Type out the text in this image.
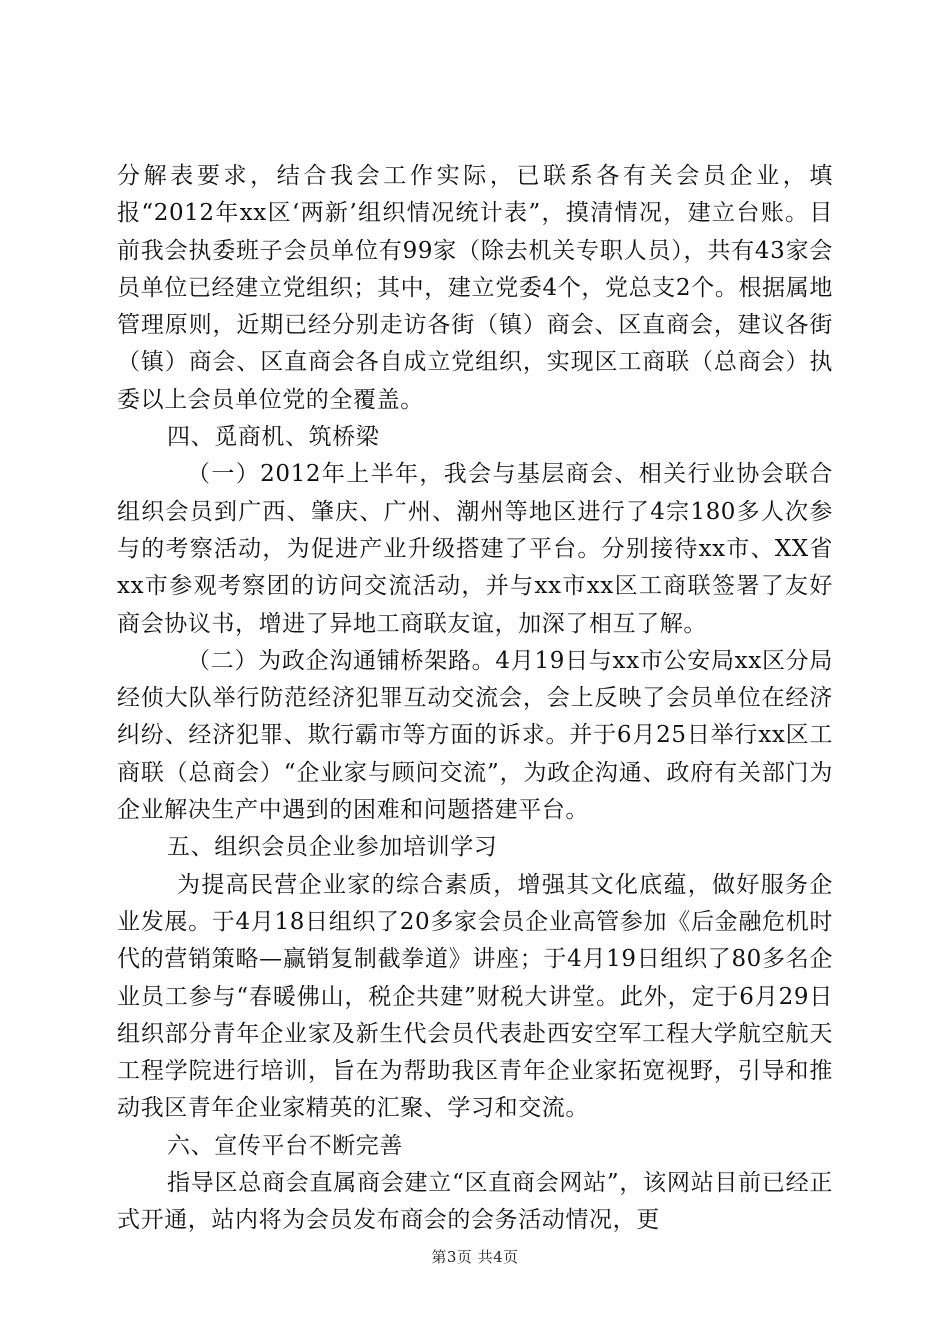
分解表要求，结合我会工作实际，已联系各有关会员企业，填报“2012年xx区‘两新’组织情况统计表”，摸清情况，建立台账。目前我会执委班子会员单位有99家（除去机关专职人员），共有43家会员单位已经建立党组织；其中，建立党委4个，党总支2个。根据属地管理原则，近期已经分别走访各街（镇）商会、区直商会，建议各街（镇）商会、区直商会各自成立党组织，实现区工商联（总商会）执委以上会员单位党的全覆盖。

四、觅商机、筑桥梁

（一）2012年上半年，我会与基层商会、相关行业协会联合组织会员到广西、肇庆、广州、潮州等地区进行了4宗180多人次参与的考察活动，为促进产业升级搭建了平台。分别接待xx市、XX省xx市参观考察团的访问交流活动，并与xx市xx区工商联签署了友好商会协议书，增进了异地工商联友谊，加深了相互了解。

（二）为政企沟通铺桥架路。4月19日与xx市公安局xx区分局经侦大队举行防范经济犯罪互动交流会，会上反映了会员单位在经济纠纷、经济犯罪、欺行霸市等方面的诉求。并于6月25日举行xx区工商联（总商会）“企业家与顾问交流”，为政企沟通、政府有关部门为企业解决生产中遇到的困难和问题搭建平台。

五、组织会员企业参加培训学习

为提高民营企业家的综合素质，增强其文化底蕴，做好服务企业发展。于4月18日组织了20多家会员企业高管参加《后金融危机时代的营销策略—赢销复制截拳道》讲座；于4月19日组织了80多名企业员工参与“春暖佛山，税企共建”财税大讲堂。此外，定于6月29日组织部分青年企业家及新生代会员代表赴西安空军工程大学航空航天工程学院进行培训，旨在为帮助我区青年企业家拓宽视野，引导和推动我区青年企业家精英的汇聚、学习和交流。

六、宣传平台不断完善

指导区总商会直属商会建立“区直商会网站”，该网站目前已经正式开通，站内将为会员发布商会的会务活动情况，更

第3页 共4页
